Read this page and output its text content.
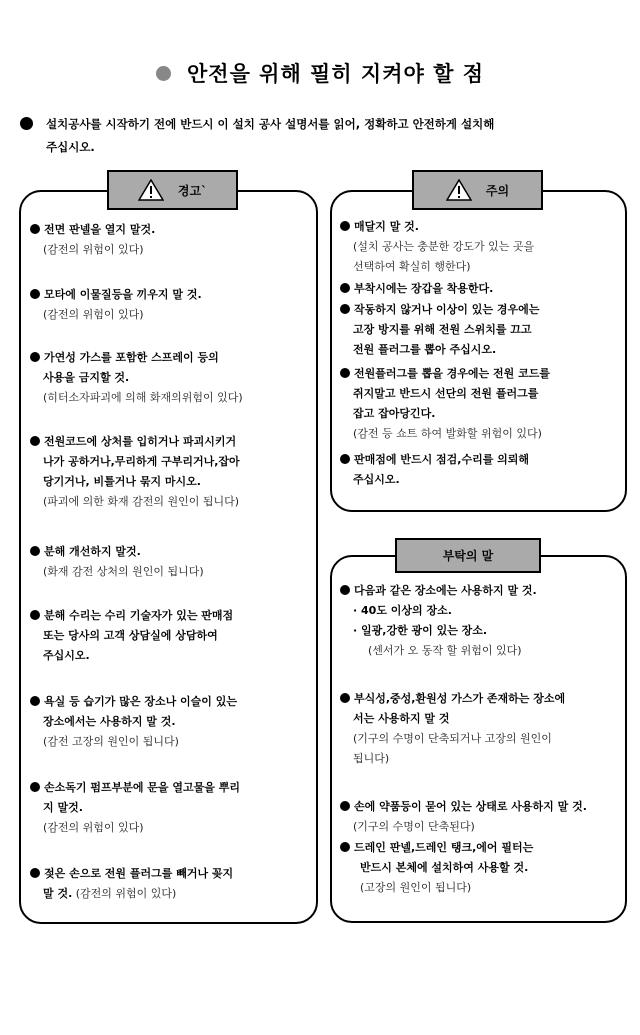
안전을 위해 필히 지켜야 할 점
설치공사를 시작하기 전에 반드시 이 설치 공사 설명서를 읽어, 정확하고 안전하게 설치해
주십시오.
경고`
전면 판넬을 열지 말것.
(감전의 위험이 있다)
모타에 이물질등을 끼우지 말 것.
(감전의 위험이 있다)
가연성 가스를 포함한 스프레이 등의
사용을 금지할 것.
(히터소자파괴에 의해 화재의위험이 있다)
전원코드에 상처를 입히거나 파괴시키거
나가 공하거나,무리하게 구부리거나,잡아
당기거나, 비틀거나 묶지 마시오.
(파괴에 의한 화재 감전의 원인이 됩니다)
분해 개선하지 말것.
(화재 감전 상처의 원인이 됩니다)
분해 수리는 수리 기술자가 있는 판매점
또는 당사의 고객 상담실에 상담하여
주십시오.
욕실 등 습기가 많은 장소나 이슬이 있는
장소에서는 사용하지 말 것.
(감전 고장의 원인이 됩니다)
손소독기 펌프부분에 문을 열고물을 뿌리
지 말것.
(감전의 위험이 있다)
젖은 손으로 전원 플러그를 빼거나 꽂지
말 것. (감전의 위험이 있다)
주의
매달지 말 것.
(설치 공사는 충분한 강도가 있는 곳을
선택하여 확실히 행한다)
부착시에는 장갑을 착용한다.
작동하지 않거나 이상이 있는 경우에는
고장 방지를 위해 전원 스위치를 끄고
전원 플러그를 뽑아 주십시오.
전원플러그를 뽑을 경우에는 전원 코드를
쥐지말고 반드시 선단의 전원 플러그를
잡고 잡아당긴다.
(감전 등 쇼트 하여 발화할 위험이 있다)
판매점에 반드시 점검,수리를 의뢰해
주십시오.
부탁의 말
다음과 같은 장소에는 사용하지 말 것.
· 40도 이상의 장소.
· 일광,강한 광이 있는 장소.
(센서가 오 동작 할 위험이 있다)
부식성,중성,환원성 가스가 존재하는 장소에
서는 사용하지 말 것
(기구의 수명이 단축되거나 고장의 원인이
됩니다)
손에 약품등이 묻어 있는 상태로 사용하지 말 것.
(기구의 수명이 단축된다)
드레인 판넬,드레인 탱크,에어 필터는
반드시 본체에 설치하여 사용할 것.
(고장의 원인이 됩니다)
